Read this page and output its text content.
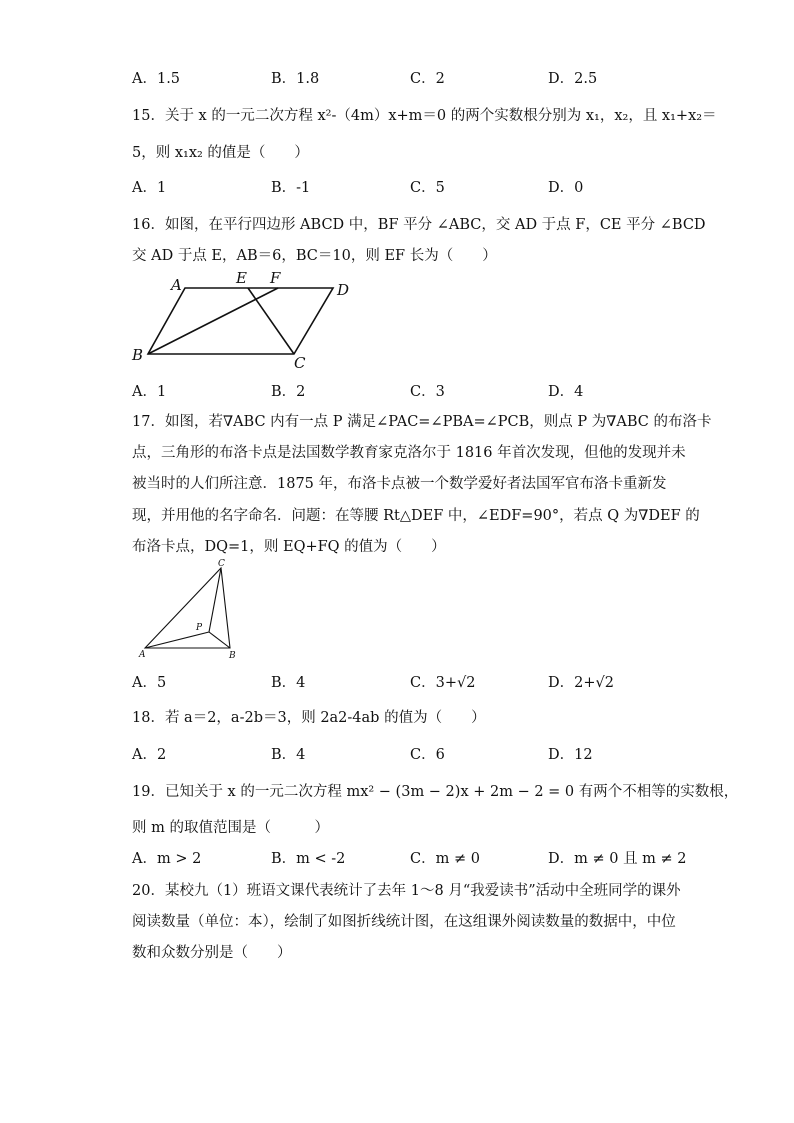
A．1.5	B．1.8	C．2	D．2.5
15．关于 x 的一元二次方程 x²-（4m）x+m＝0 的两个实数根分别为 x₁，x₂，且 x₁+x₂＝
5，则 x₁x₂ 的值是（　　）
A．1	B．-1	C．5	D．0
16．如图，在平行四边形 ABCD 中，BF 平分 ∠ABC，交 AD 于点 F，CE 平分 ∠BCD
交 AD 于点 E，AB＝6，BC＝10，则 EF 长为（　　）
A	E F
D
B	C
A．1	B．2	C．3	D．4
17．如图，若∇ABC 内有一点 P 满足∠PAC=∠PBA=∠PCB，则点 P 为∇ABC 的布洛卡
点，三角形的布洛卡点是法国数学教育家克洛尔于 1816 年首次发现，但他的发现并未
被当时的人们所注意．1875 年，布洛卡点被一个数学爱好者法国军官布洛卡重新发
现，并用他的名字命名．问题：在等腰 Rt△DEF 中，∠EDF=90°，若点 Q 为∇DEF 的
布洛卡点，DQ=1，则 EQ+FQ 的值为（　　）
C
P
A	B
A．5	B．4	C．3+√2	D．2+√2
18．若 a＝2，a-2b＝3，则 2a2-4ab 的值为（　　）
A．2	B．4	C．6	D．12
19．已知关于 x 的一元二次方程 mx² − (3m − 2)x + 2m − 2 = 0 有两个不相等的实数根，
则 m 的取值范围是（　　　）
A．m > 2	B．m < -2	C．m ≠ 0	D．m ≠ 0 且 m ≠ 2
20．某校九（1）班语文课代表统计了去年 1～8 月“我爱读书”活动中全班同学的课外
阅读数量（单位：本），绘制了如图折线统计图，在这组课外阅读数量的数据中，中位
数和众数分别是（　　）
